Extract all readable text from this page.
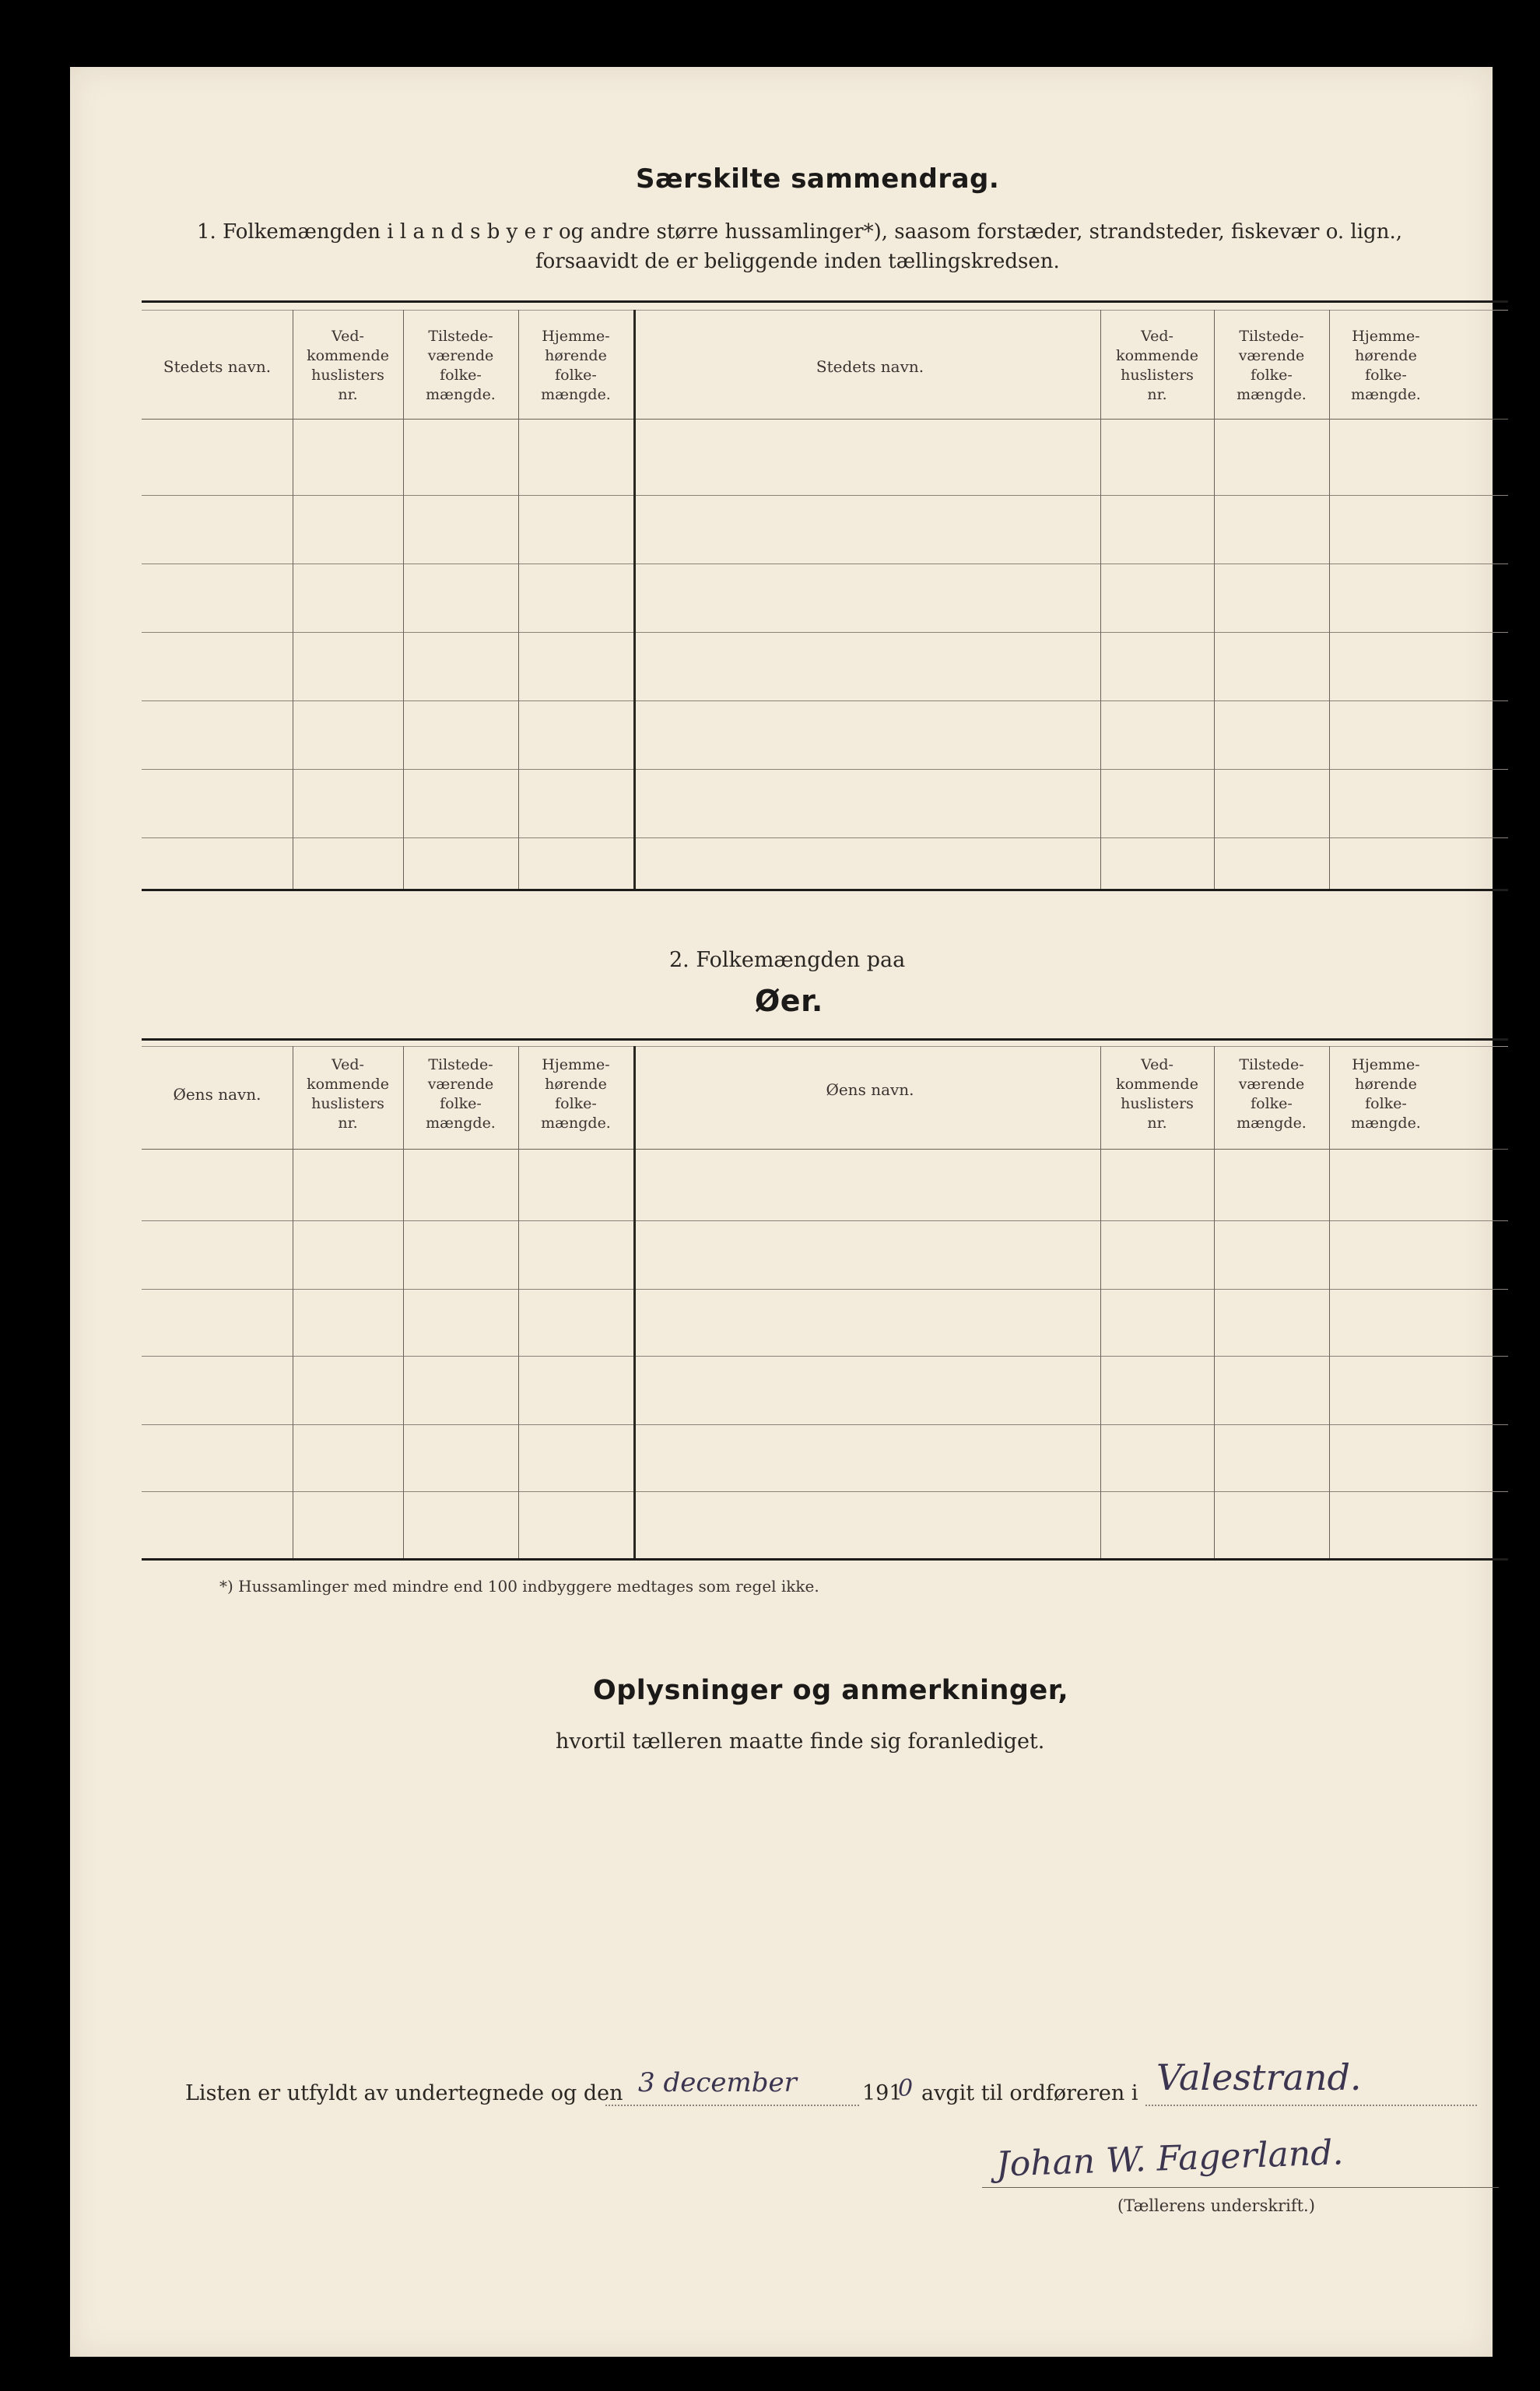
Særskilte sammendrag.
1. Folkemængden i l a n d s b y e r og andre større hussamlinger*), saasom forstæder, strandsteder, fiskevær o. lign.,
forsaavidt de er beliggende inden tællingskredsen.
Stedets navn.
Ved-
kommende
huslisters
nr.
Tilstede-
værende
folke-
mængde.
Hjemme-
hørende
folke-
mængde.
Stedets navn.
Ved-
kommende
huslisters
nr.
Tilstede-
værende
folke-
mængde.
Hjemme-
hørende
folke-
mængde.
2. Folkemængden paa
Øer.
Øens navn.
Ved-
kommende
huslisters
nr.
Tilstede-
værende
folke-
mængde.
Hjemme-
hørende
folke-
mængde.
Øens navn.
Ved-
kommende
huslisters
nr.
Tilstede-
værende
folke-
mængde.
Hjemme-
hørende
folke-
mængde.
*) Hussamlinger med mindre end 100 indbyggere medtages som regel ikke.
Oplysninger og anmerkninger,
hvortil tælleren maatte finde sig foranlediget.
Listen er utfyldt av undertegnede og den 3 december	191
0 avgit til ordføreren i Valestrand.
Johan W. Fagerland.
(Tællerens underskrift.)
